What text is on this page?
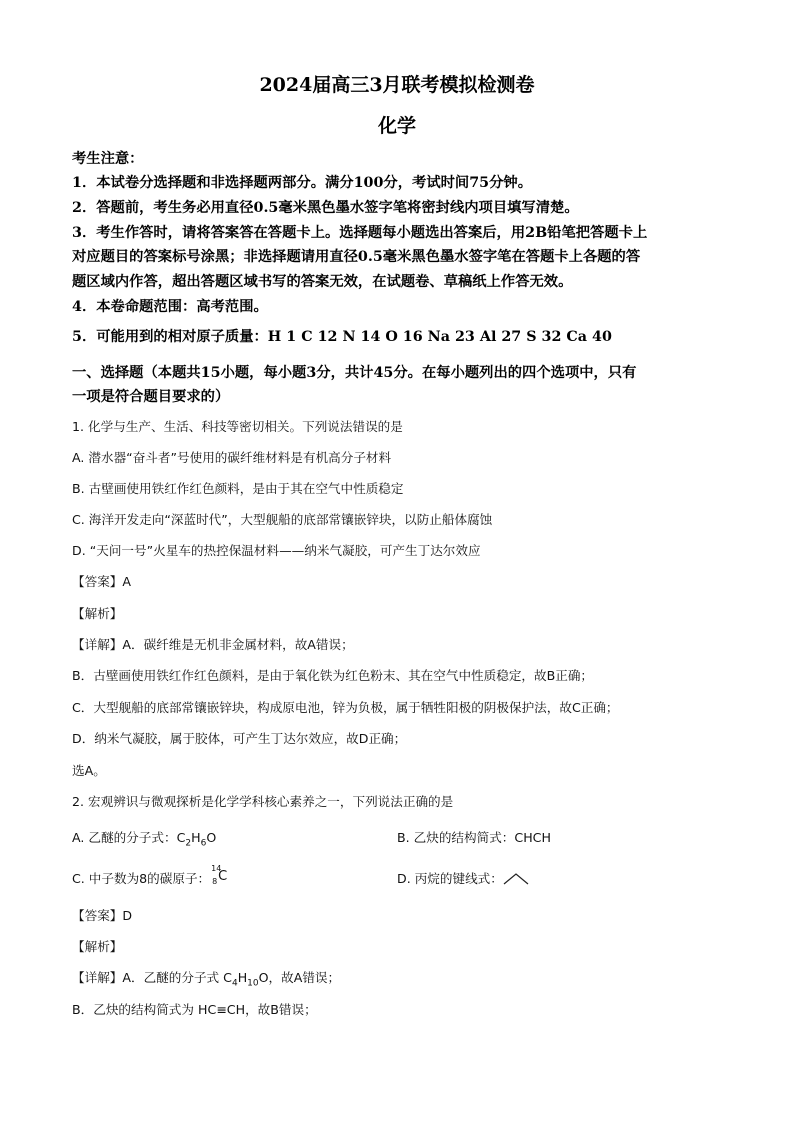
2024届高三3月联考模拟检测卷
化学
考生注意：
1．本试卷分选择题和非选择题两部分。满分100分，考试时间75分钟。
2．答题前，考生务必用直径0.5毫米黑色墨水签字笔将密封线内项目填写清楚。
3．考生作答时，请将答案答在答题卡上。选择题每小题选出答案后，用2B铅笔把答题卡上
对应题目的答案标号涂黑；非选择题请用直径0.5毫米黑色墨水签字笔在答题卡上各题的答
题区域内作答，超出答题区域书写的答案无效，在试题卷、草稿纸上作答无效。
4．本卷命题范围：高考范围。
5．可能用到的相对原子质量：H 1 C 12 N 14 O 16 Na 23 Al 27 S 32 Ca 40
一、选择题（本题共15小题，每小题3分，共计45分。在每小题列出的四个选项中，只有
一项是符合题目要求的）
1. 化学与生产、生活、科技等密切相关。下列说法错误的是
A. 潜水器“奋斗者”号使用的碳纤维材料是有机高分子材料
B. 古壁画使用铁红作红色颜料，是由于其在空气中性质稳定
C. 海洋开发走向“深蓝时代”，大型舰船的底部常镶嵌锌块，以防止船体腐蚀
D. “天问一号”火星车的热控保温材料——纳米气凝胶，可产生丁达尔效应
【答案】A
【解析】
【详解】A．碳纤维是无机非金属材料，故A错误；
B．古壁画使用铁红作红色颜料，是由于氧化铁为红色粉末、其在空气中性质稳定，故B正确；
C．大型舰船的底部常镶嵌锌块，构成原电池，锌为负极，属于牺牲阳极的阴极保护法，故C正确；
D．纳米气凝胶，属于胶体，可产生丁达尔效应，故D正确；
选A。
2. 宏观辨识与微观探析是化学学科核心素养之一，下列说法正确的是
A. 乙醚的分子式：$C_2H_6O$	B. 乙炔的结构简式：CHCH
C. 中子数为8的碳原子：
14
8 C	D. 丙烷的键线式：
【答案】D
【解析】
【详解】A．乙醚的分子式 $C_4H_{10}O$，故A错误；
B．乙炔的结构简式为 HC≡CH，故B错误；
